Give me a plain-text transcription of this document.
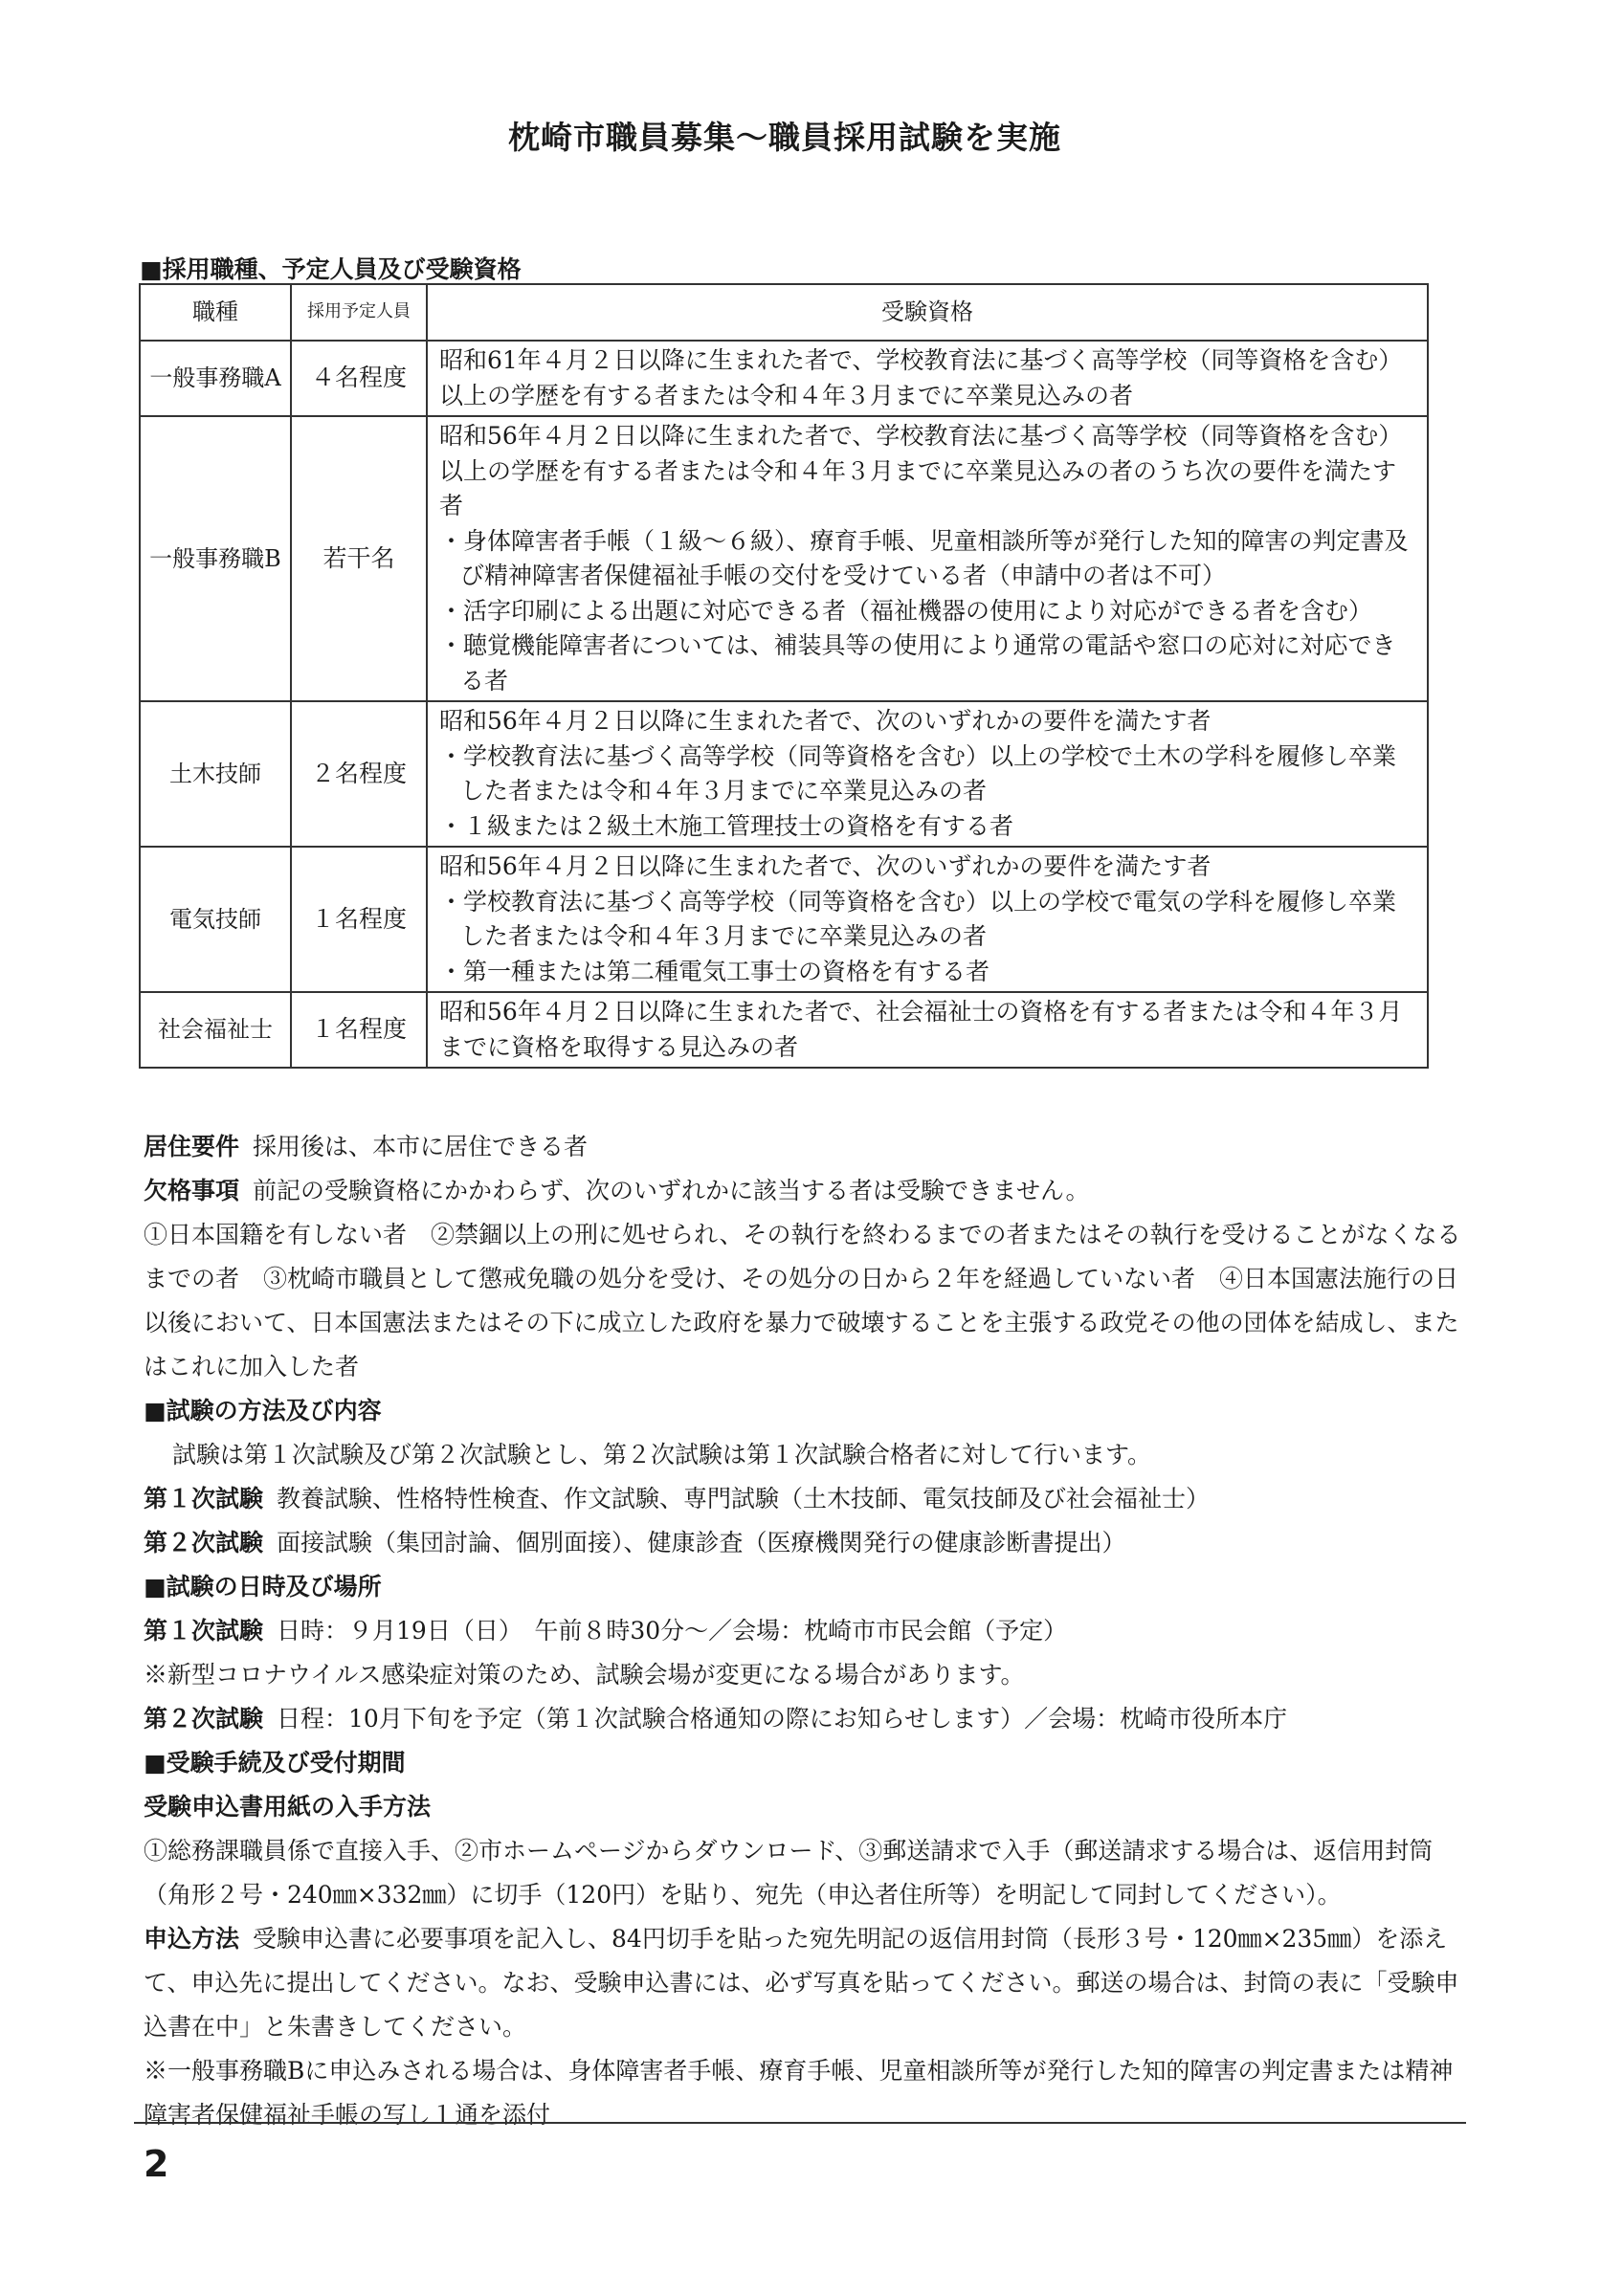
枕崎市職員募集～職員採用試験を実施
■採用職種、予定人員及び受験資格
職種	採用予定人員	受験資格
一般事務職A	４名程度	昭和61年４月２日以降に生まれた者で、学校教育法に基づく高等学校（同等資格を含む）以上の学歴を有する者または令和４年３月までに卒業見込みの者
一般事務職B	若干名	昭和56年４月２日以降に生まれた者で、学校教育法に基づく高等学校（同等資格を含む）以上の学歴を有する者または令和４年３月までに卒業見込みの者のうち次の要件を満たす者
・身体障害者手帳（１級～６級）、療育手帳、児童相談所等が発行した知的障害の判定書及び精神障害者保健福祉手帳の交付を受けている者（申請中の者は不可）
・活字印刷による出題に対応できる者（福祉機器の使用により対応ができる者を含む）
・聴覚機能障害者については、補装具等の使用により通常の電話や窓口の応対に対応できる者

土木技師	２名程度	昭和56年４月２日以降に生まれた者で、次のいずれかの要件を満たす者
・学校教育法に基づく高等学校（同等資格を含む）以上の学校で土木の学科を履修し卒業した者または令和４年３月までに卒業見込みの者
・１級または２級土木施工管理技士の資格を有する者

電気技師	１名程度	昭和56年４月２日以降に生まれた者で、次のいずれかの要件を満たす者
・学校教育法に基づく高等学校（同等資格を含む）以上の学校で電気の学科を履修し卒業した者または令和４年３月までに卒業見込みの者
・第一種または第二種電気工事士の資格を有する者

社会福祉士	１名程度	昭和56年４月２日以降に生まれた者で、社会福祉士の資格を有する者または令和４年３月までに資格を取得する見込みの者

居住要件 採用後は、本市に居住できる者

欠格事項 前記の受験資格にかかわらず、次のいずれかに該当する者は受験できません。

①日本国籍を有しない者　②禁錮以上の刑に処せられ、その執行を終わるまでの者またはその執行を受けることがなくなるまでの者　③枕崎市職員として懲戒免職の処分を受け、その処分の日から２年を経過していない者　④日本国憲法施行の日以後において、日本国憲法またはその下に成立した政府を暴力で破壊することを主張する政党その他の団体を結成し、またはこれに加入した者

■試験の方法及び内容

試験は第１次試験及び第２次試験とし、第２次試験は第１次試験合格者に対して行います。

第１次試験 教養試験、性格特性検査、作文試験、専門試験（土木技師、電気技師及び社会福祉士）

第２次試験 面接試験（集団討論、個別面接）、健康診査（医療機関発行の健康診断書提出）

■試験の日時及び場所

第１次試験 日時：９月19日（日）　午前８時30分～／会場：枕崎市市民会館（予定）

※新型コロナウイルス感染症対策のため、試験会場が変更になる場合があります。

第２次試験 日程：10月下旬を予定（第１次試験合格通知の際にお知らせします）／会場：枕崎市役所本庁

■受験手続及び受付期間

受験申込書用紙の入手方法

①総務課職員係で直接入手、②市ホームページからダウンロード、③郵送請求で入手（郵送請求する場合は、返信用封筒（角形２号・240㎜×332㎜）に切手（120円）を貼り、宛先（申込者住所等）を明記して同封してください）。

申込方法 受験申込書に必要事項を記入し、84円切手を貼った宛先明記の返信用封筒（長形３号・120㎜×235㎜）を添えて、申込先に提出してください。なお、受験申込書には、必ず写真を貼ってください。郵送の場合は、封筒の表に「受験申込書在中」と朱書きしてください。

※一般事務職Bに申込みされる場合は、身体障害者手帳、療育手帳、児童相談所等が発行した知的障害の判定書または精神障害者保健福祉手帳の写し１通を添付

2
